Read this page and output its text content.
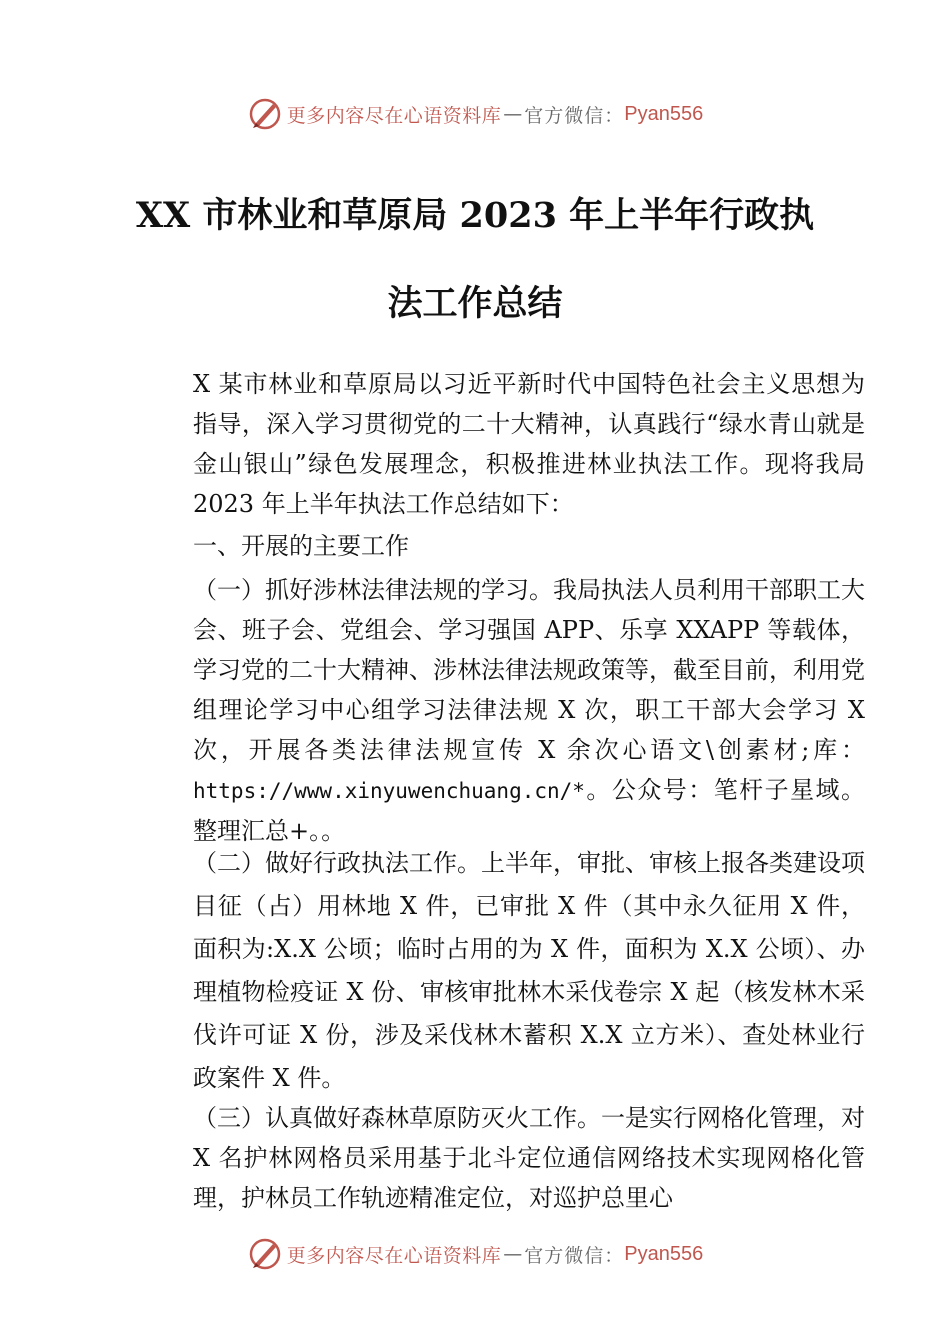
更多内容尽在心语资料库 — 官方微信： Pyan556
XX 市林业和草原局 2023 年上半年行政执
法工作总结
X 某市林业和草原局以习近平新时代中国特色社会主义思想为指导，深入学习贯彻党的二十大精神，认真践行“绿水青山就是金山银山”绿色发展理念，积极推进林业执法工作。现将我局 2023 年上半年执法工作总结如下：
一、开展的主要工作
（一）抓好涉林法律法规的学习。我局执法人员利用干部职工大会、班子会、党组会、学习强国 APP、乐享 XXAPP 等载体，学习党的二十大精神、涉林法律法规政策等，截至目前，利用党组理论学习中心组学习法律法规 X 次，职工干部大会学习 X 次，开展各类法律法规宣传 X 余次心语文\创素材;库：https://www.xinyuwenchuang.cn/*。公众号：笔杆子星域。整理汇总+。。
（二）做好行政执法工作。上半年，审批、审核上报各类建设项目征（占）用林地 X 件，已审批 X 件（其中永久征用 X 件，面积为:X.X 公顷；临时占用的为 X 件，面积为 X.X 公顷）、办理植物检疫证 X 份、审核审批林木采伐卷宗 X 起（核发林木采伐许可证 X 份，涉及采伐林木蓄积 X.X 立方米）、查处林业行政案件 X 件。
（三）认真做好森林草原防灭火工作。一是实行网格化管理，对 X 名护林网格员采用基于北斗定位通信网络技术实现网格化管理，护林员工作轨迹精准定位，对巡护总里心
更多内容尽在心语资料库 — 官方微信： Pyan556
